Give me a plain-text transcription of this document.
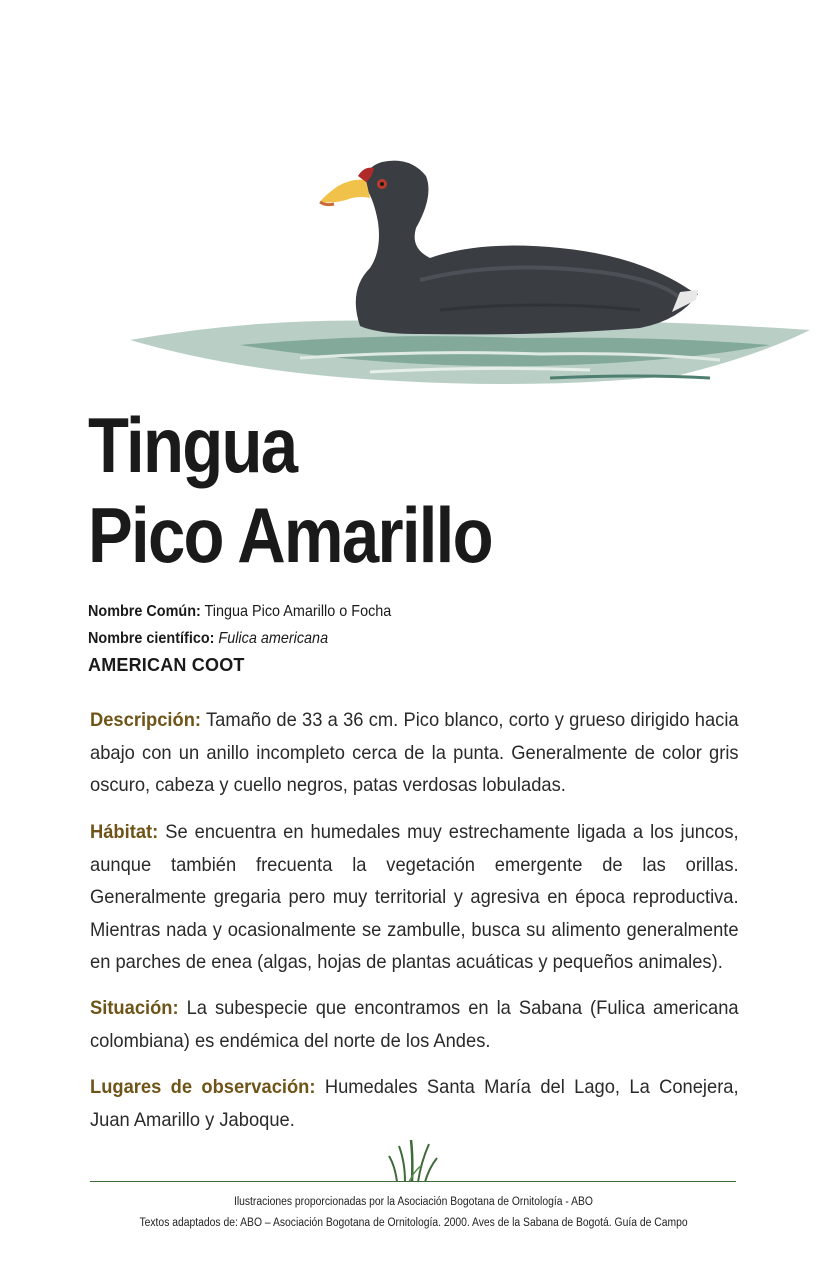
Tingua
Pico Amarillo
Nombre Común: Tingua Pico Amarillo o Focha
Nombre científico: Fulica americana
AMERICAN COOT

Descripción: Tamaño de 33 a 36 cm. Pico blanco, corto y grueso dirigido hacia abajo con un anillo incompleto cerca de la punta. Generalmente de color gris oscuro, cabeza y cuello negros, patas verdosas lobuladas.

Hábitat: Se encuentra en humedales muy estrechamente ligada a los juncos, aunque también frecuenta la vegetación emergente de las orillas. Generalmente gregaria pero muy territorial y agresiva en época reproductiva. Mientras nada y ocasionalmente se zambulle, busca su alimento generalmente en parches de enea (algas, hojas de plantas acuáticas y pequeños animales).

Situación: La subespecie que encontramos en la Sabana (Fulica americana colombiana) es endémica del norte de los Andes.

Lugares de observación: Humedales Santa María del Lago, La Conejera, Juan Amarillo y Jaboque.

Ilustraciones proporcionadas por la Asociación Bogotana de Ornitología - ABO
Textos adaptados de: ABO – Asociación Bogotana de Ornitología. 2000. Aves de la Sabana de Bogotá. Guía de Campo
